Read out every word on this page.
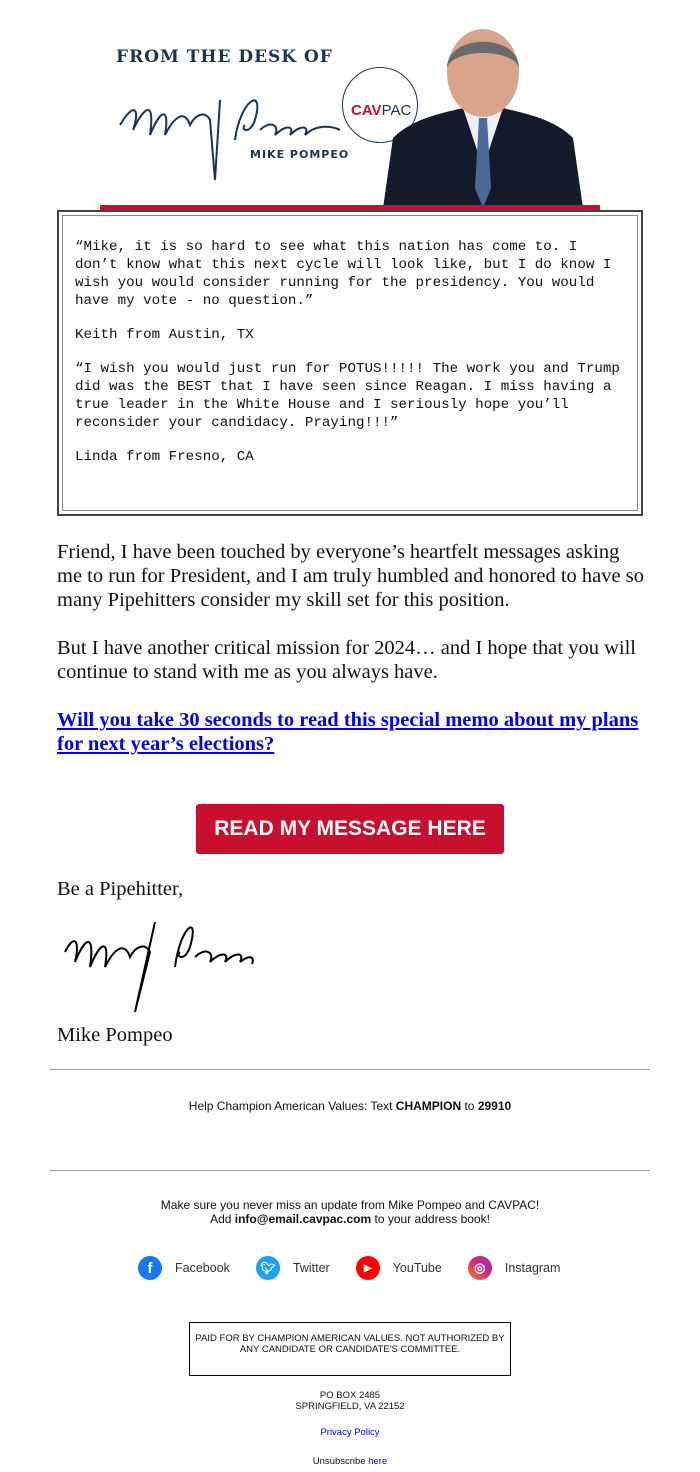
FROM THE DESK OF
MIKE POMPEO
CAVPAC

“Mike, it is so hard to see what this nation has come to. I don’t know what this next cycle will look like, but I do know I wish you would consider running for the presidency. You would have my vote - no question.”

Keith from Austin, TX

“I wish you would just run for POTUS!!!!! The work you and Trump did was the BEST that I have seen since Reagan. I miss having a true leader in the White House and I seriously hope you’ll reconsider your candidacy. Praying!!!”

Linda from Fresno, CA

Friend, I have been touched by everyone’s heartfelt messages asking me to run for President, and I am truly humbled and honored to have so many Pipehitters consider my skill set for this position.

But I have another critical mission for 2024… and I hope that you will continue to stand with me as you always have.

Will you take 30 seconds to read this special memo about my plans for next year’s elections?

READ MY MESSAGE HERE
Be a Pipehitter,
Mike Pompeo
Help Champion American Values: Text CHAMPION to 29910
Make sure you never miss an update from Mike Pompeo and CAVPAC!
Add info@email.cavpac.com to your address book!
f	Facebook	🐦︎	Twitter	▶	YouTube	◎	Instagram
PAID FOR BY CHAMPION AMERICAN VALUES. NOT AUTHORIZED BY ANY CANDIDATE OR CANDIDATE'S COMMITTEE.
PO BOX 2485
SPRINGFIELD, VA 22152
Privacy Policy
Unsubscribe here
